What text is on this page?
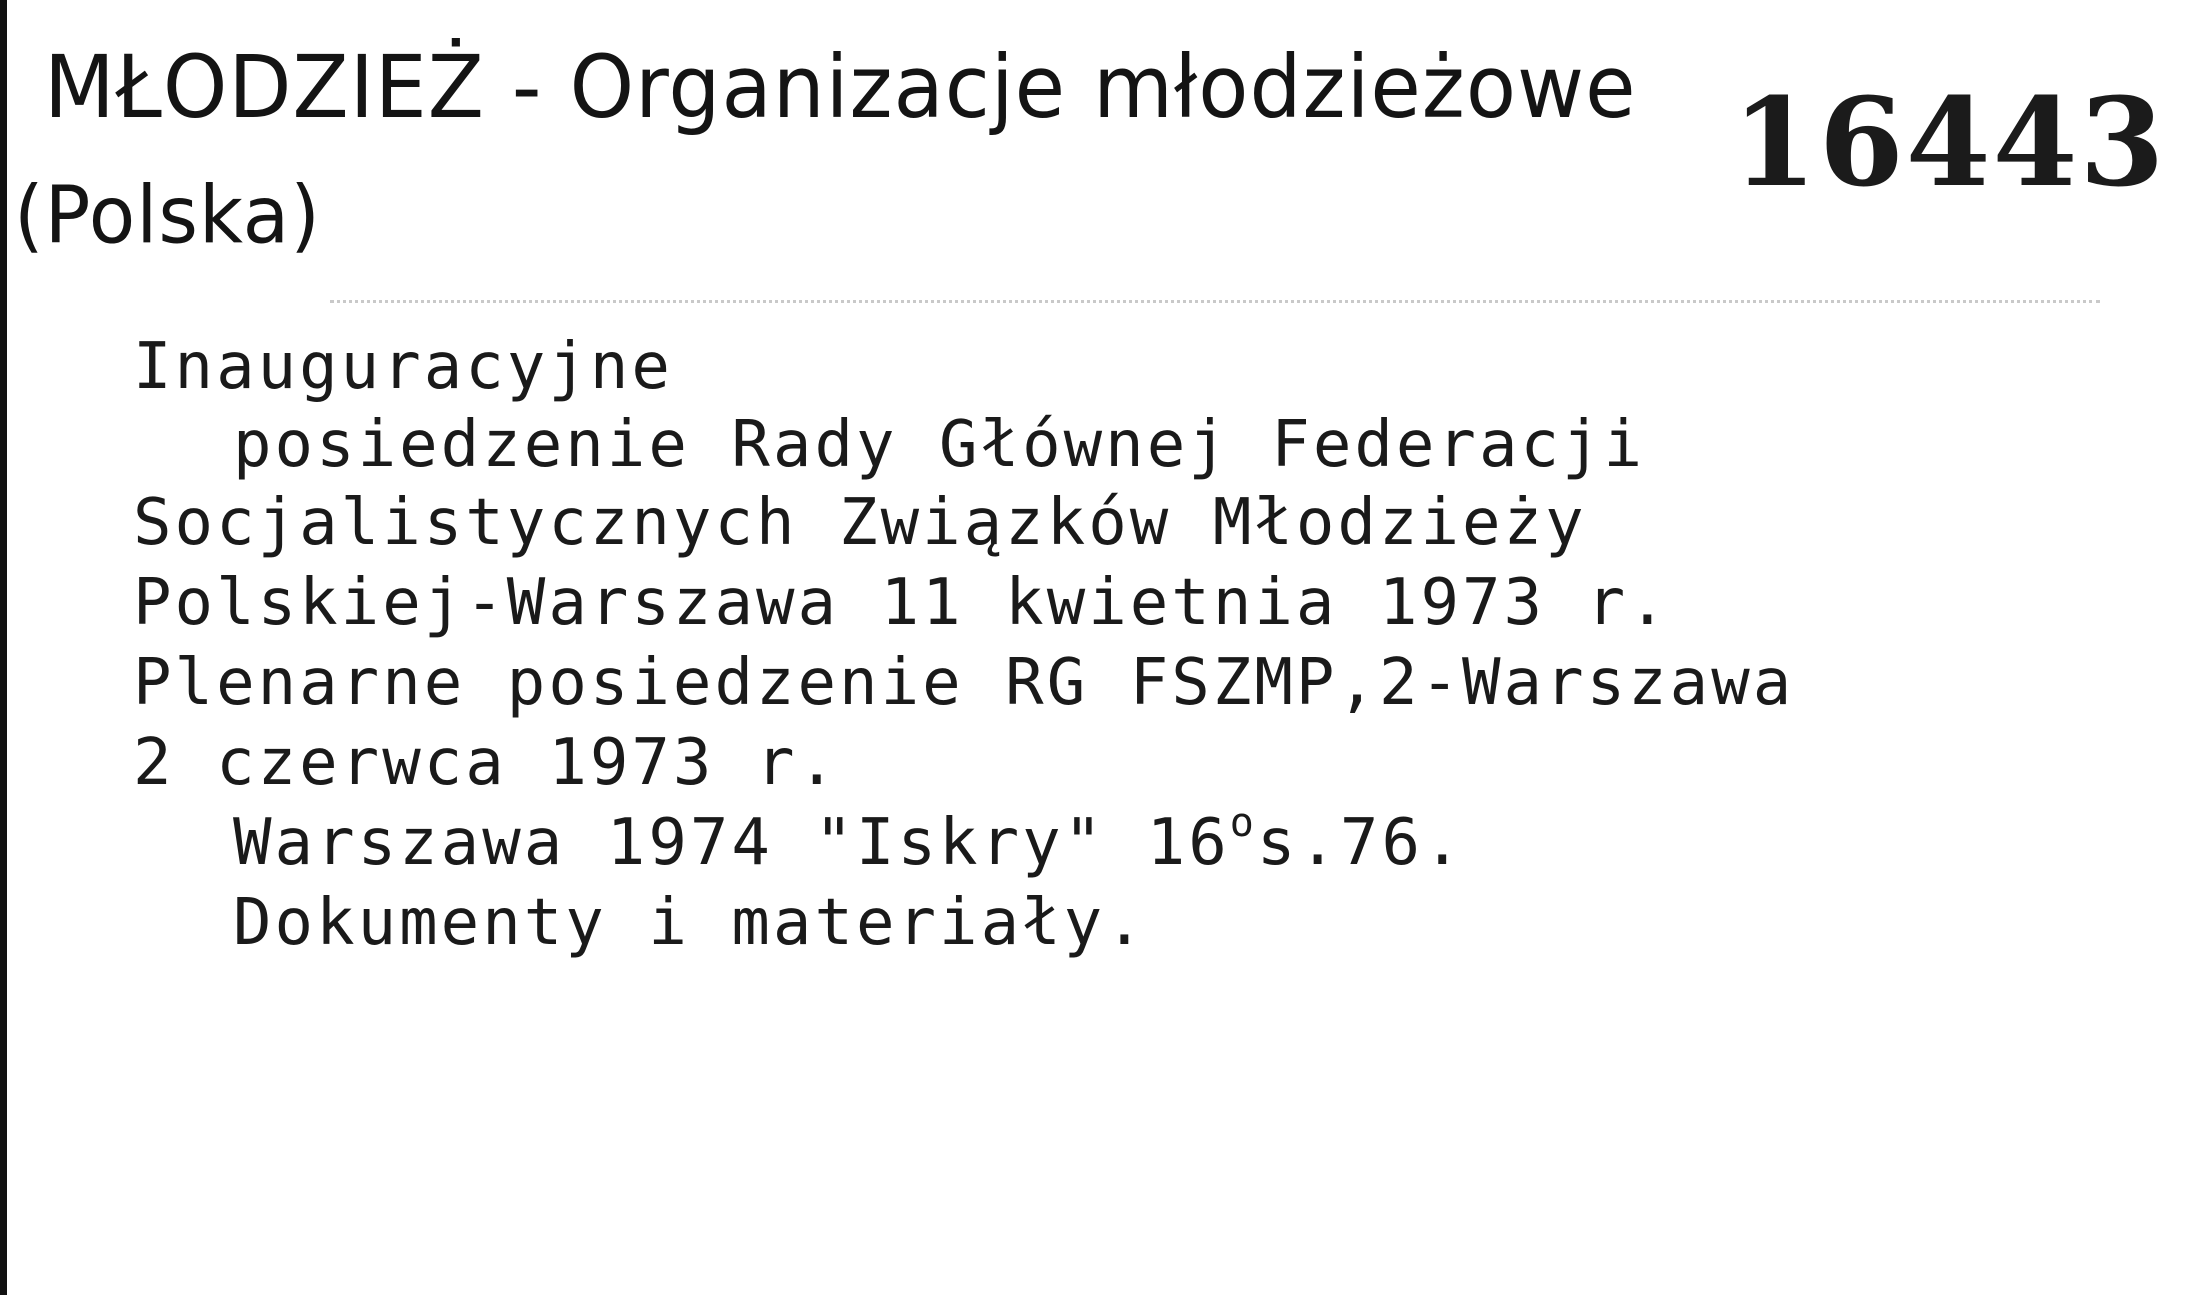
MŁODZIEŻ - Organizacje młodzieżowe
(Polska)
16443
Inauguracyjne
posiedzenie Rady Głównej Federacji
Socjalistycznych Związków Młodzieży
Polskiej-Warszawa 11 kwietnia 1973 r.
Plenarne posiedzenie RG FSZMP,2-Warszawa
2 czerwca 1973 r.
Warszawa 1974 "Iskry" 16$^o$s.76.
Dokumenty i materiały.
